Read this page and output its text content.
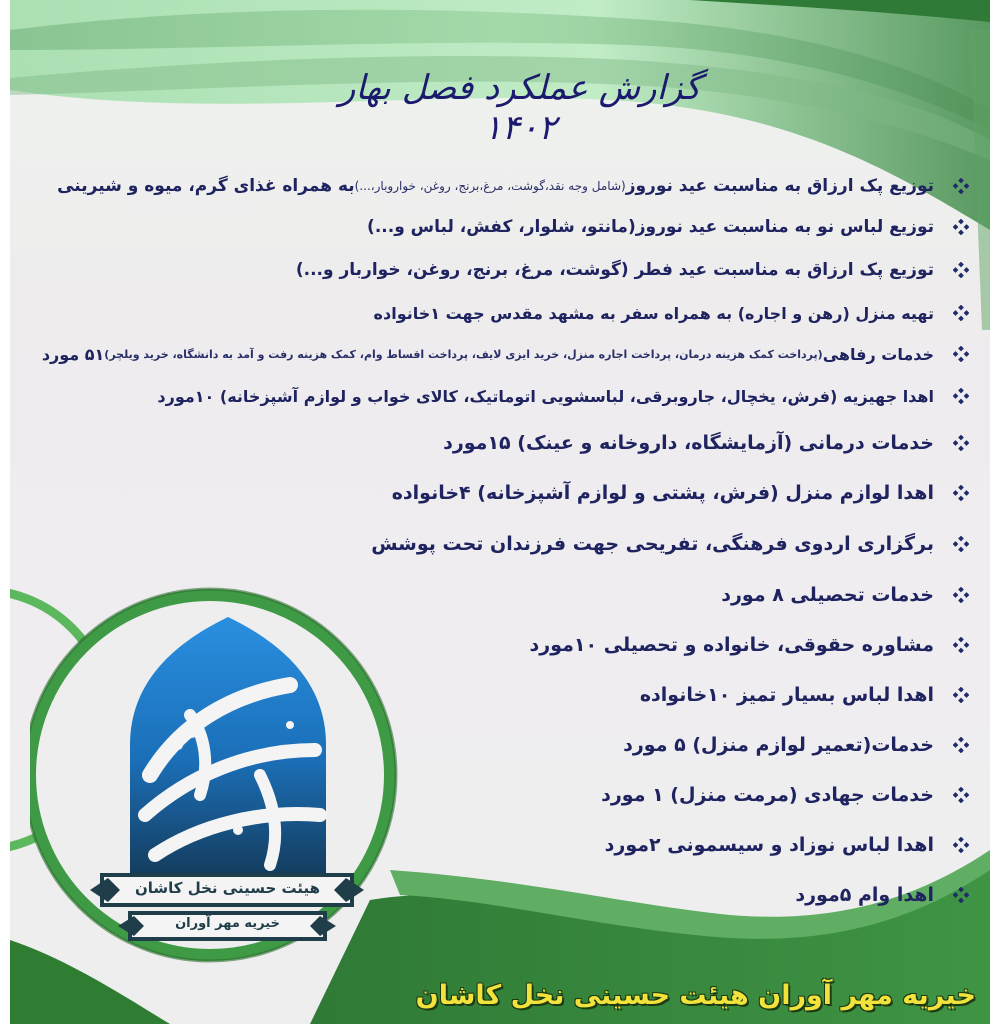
گزارش عملکرد فصل بهار ۱۴۰۲
توزیع پک ارزاق به مناسبت عید نوروز
(شامل وجه نقد،گوشت، مرغ،برنج، روغن، خواروبار،...)
به همراه غذای گرم، میوه و شیرینی
توزیع لباس نو به مناسبت عید نوروز(مانتو، شلوار، کفش، لباس و...)
توزیع پک ارزاق به مناسبت عید فطر (گوشت، مرغ، برنج، روغن، خواربار و...)
تهیه منزل (رهن و اجاره) به همراه سفر به مشهد مقدس جهت ۱خانواده
خدمات رفاهی
(پرداخت کمک هزینه درمان، پرداخت اجاره منزل، خرید ایزی لایف، پرداخت اقساط وام، کمک هزینه رفت و آمد به دانشگاه، خرید ویلچر)
۵۱ مورد
اهدا جهیزیه (فرش، یخچال، جاروبرقی، لباسشویی اتوماتیک، کالای خواب و لوازم آشپزخانه) ۱۰مورد
خدمات درمانی (آزمایشگاه، داروخانه و عینک) ۱۵مورد
اهدا لوازم منزل (فرش، پشتی و لوازم آشپزخانه) ۴خانواده
برگزاری اردوی فرهنگی، تفریحی جهت فرزندان تحت پوشش
خدمات تحصیلی ۸ مورد
مشاوره حقوقی، خانواده و تحصیلی ۱۰مورد
اهدا لباس بسیار تمیز ۱۰خانواده
خدمات(تعمیر لوازم منزل) ۵ مورد
خدمات جهادی (مرمت منزل) ۱ مورد
اهدا لباس نوزاد و سیسمونی ۲مورد
اهدا وام ۵مورد
هیئت حسینی نخل کاشان
خیریه مهر آوران
خیریه مهر آوران هیئت حسینی نخل کاشان
